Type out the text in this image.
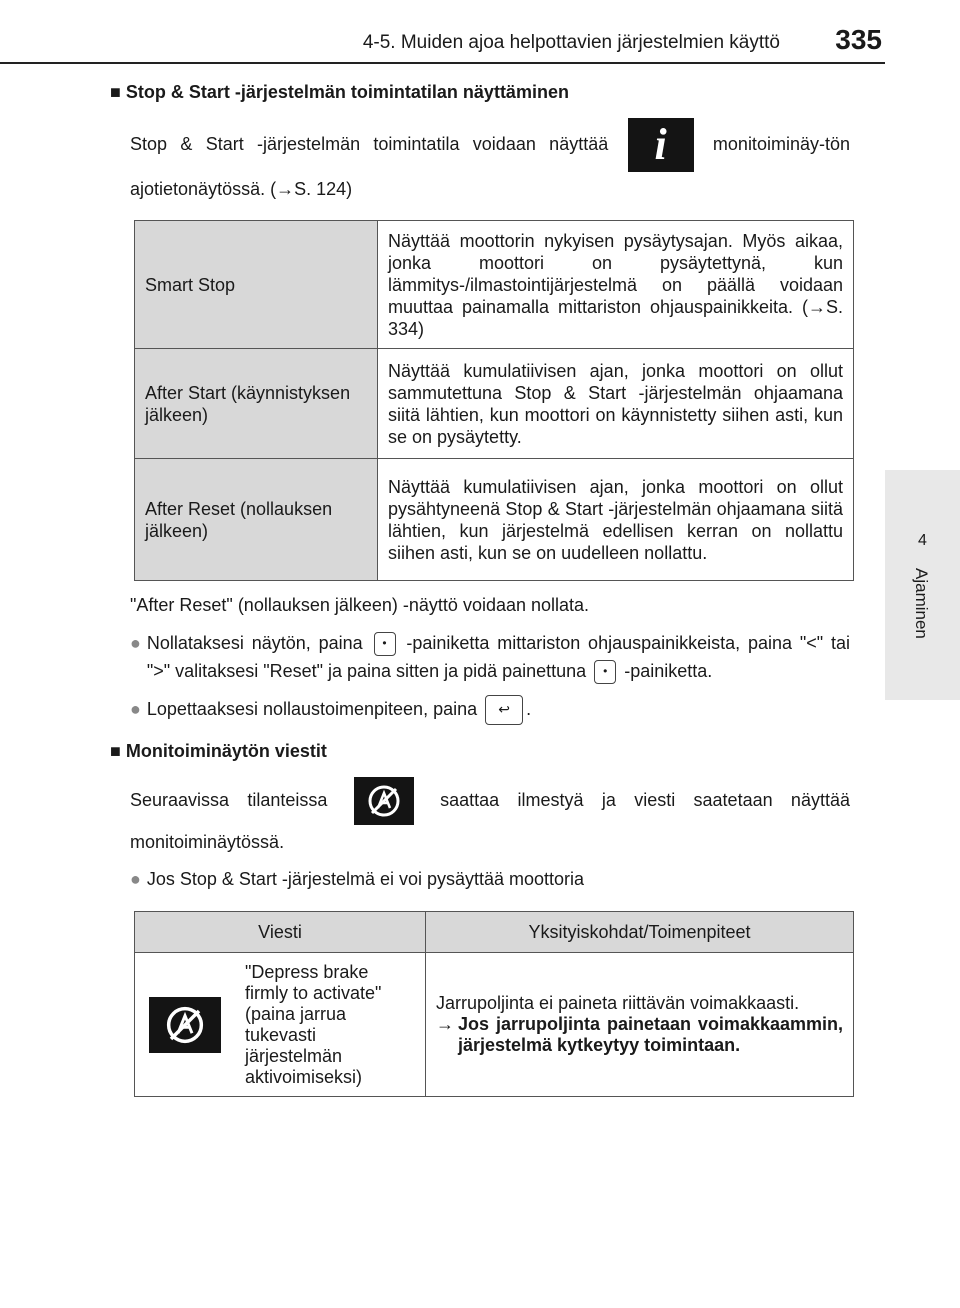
4-5. Muiden ajoa helpottavien järjestelmien käyttö 335
4
Ajaminen
■ Stop & Start -järjestelmän toimintatilan näyttäminen
Stop & Start -järjestelmän toimintatila voidaan näyttää i	monitoiminäy-tön ajotietonäytössä. (→S. 124)
Smart Stop	Näyttää moottorin nykyisen pysäytysajan. Myös aikaa, jonka moottori on pysäytettynä, kun lämmitys-/ilmastointijärjestelmä on päällä voidaan muuttaa painamalla mittariston ohjauspainikkeita. (→S. 334)
After Start (käynnistyksen jälkeen)	Näyttää kumulatiivisen ajan, jonka moottori on ollut sammutettuna Stop & Start -järjestelmän ohjaamana siitä lähtien, kun moottori on käynnistetty siihen asti, kun se on pysäytetty.
After Reset (nollauksen jälkeen)	Näyttää kumulatiivisen ajan, jonka moottori on ollut pysähtyneenä Stop & Start -järjestelmän ohjaamana siitä lähtien, kun järjestelmä edellisen kerran on nollattu siihen asti, kun se on uudelleen nollattu.
"After Reset" (nollauksen jälkeen) -näyttö voidaan nollata.
● Nollataksesi näytön, paina • -painiketta mittariston ohjauspainikkeista, paina "<" tai ">" valitaksesi "Reset" ja paina sitten ja pidä painettuna • -painiketta.
● Lopettaaksesi nollaustoimenpiteen, paina ↩ .
■ Monitoiminäytön viestit
Seuraavissa tilanteissa	saattaa ilmestyä ja viesti saatetaan näyttää monitoiminäytössä.
● Jos Stop & Start -järjestelmä ei voi pysäyttää moottoria
Viesti		Yksityiskohdat/Toimenpiteet
	"Depress brake firmly to activate" (paina jarrua tukevasti järjestelmän aktivoimiseksi)	Jarrupoljinta ei paineta riittävän voimakkaasti.
→ Jos jarrupoljinta painetaan voimakkaammin, järjestelmä kytkeytyy toimintaan.
